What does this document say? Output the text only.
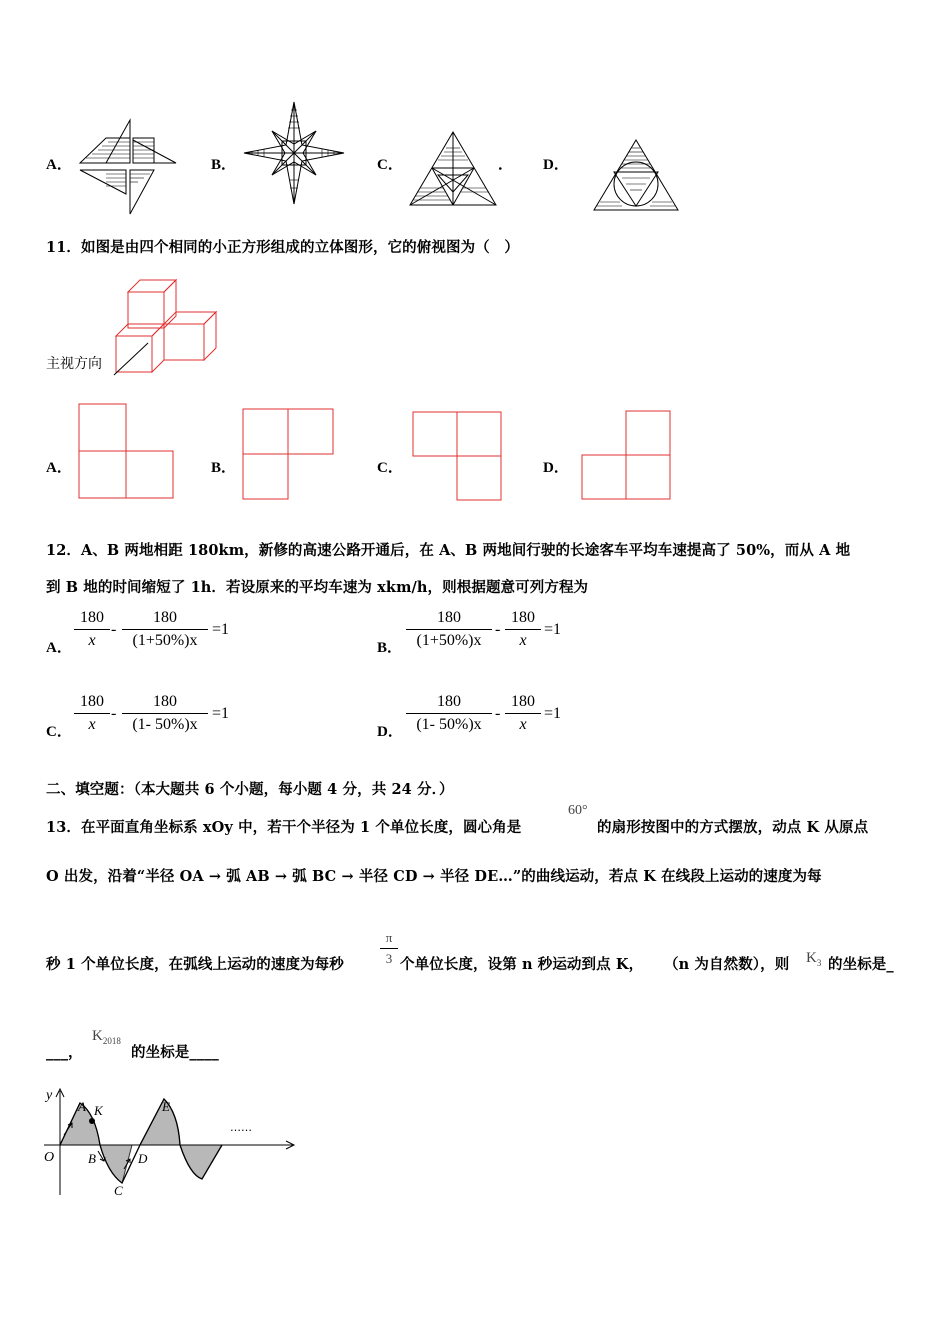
A．	B．	C．	． D．
11．如图是由四个相同的小正方形组成的立体图形，它的俯视图为（　）
主视方向
A．	B．	C．	D．
12．A、B 两地相距 180km，新修的高速公路开通后，在 A、B 两地间行驶的长途客车平均车速提高了 50%，而从 A 地
到 B 地的时间缩短了 1h．若设原来的平均车速为 xkm/h，则根据题意可列方程为
A． $\frac{180}{x} - \frac{180}{(1+50\%)x} =1$
B． $\frac{180}{(1+50\%)x} - \frac{180}{x} =1$
C． $\frac{180}{x} - \frac{180}{(1- 50\%)x} =1$
D． $\frac{180}{(1- 50\%)x} - \frac{180}{x} =1$
二、填空题：（本大题共 6 个小题，每小题 4 分，共 24 分．）
13．在平面直角坐标系 xOy 中，若干个半径为 1 个单位长度，圆心角是
60°
的扇形按图中的方式摆放，动点 K 从原点
O 出发，沿着“半径 OA → 弧 AB → 弧 BC → 半径 CD → 半径 DE…”的曲线运动，若点 K 在线段上运动的速度为每
秒 1 个单位长度，在弧线上运动的速度为每秒	$\frac{\pi}{3}$ 个单位长度，设第 n 秒运动到点 K， （n 为自然数），则 $K_3$ 的坐标是_
___，
$K_{2018}$
的坐标是____
y
O
A K
B
C
D
E
……
